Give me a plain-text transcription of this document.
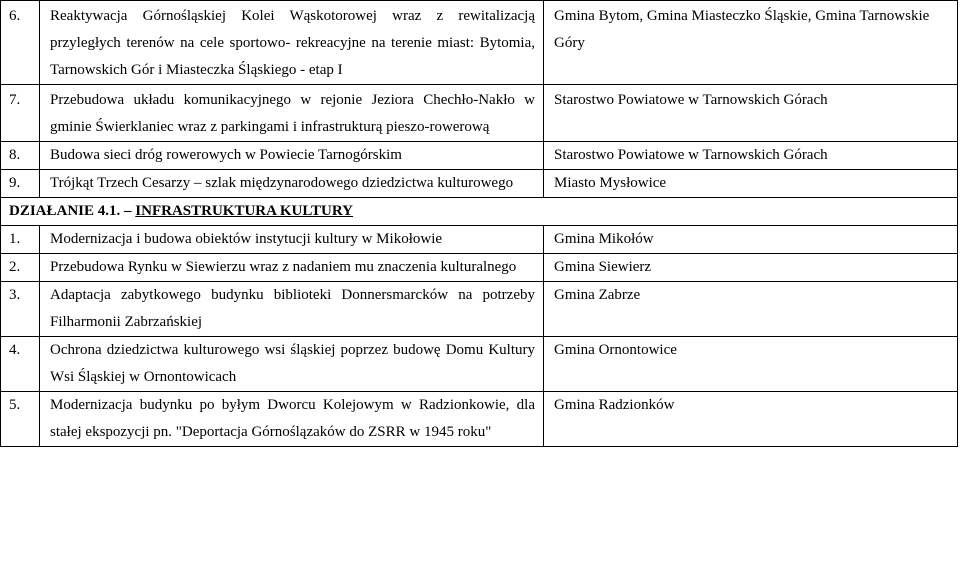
6.	Reaktywacja Górnośląskiej Kolei Wąskotorowej wraz z rewitalizacją przyległych terenów na cele sportowo- rekreacyjne na terenie miast: Bytomia, Tarnowskich Gór i Miasteczka Śląskiego - etap I	Gmina Bytom, Gmina Miasteczko Śląskie, Gmina Tarnowskie Góry
7.	Przebudowa układu komunikacyjnego w rejonie Jeziora Chechło-Nakło w gminie Świerklaniec wraz z parkingami i infrastrukturą pieszo-rowerową	Starostwo Powiatowe w Tarnowskich Górach
8.	Budowa sieci dróg rowerowych w Powiecie Tarnogórskim	Starostwo Powiatowe w Tarnowskich Górach
9.	Trójkąt Trzech Cesarzy – szlak międzynarodowego dziedzictwa kulturowego	Miasto Mysłowice
DZIAŁANIE 4.1. – INFRASTRUKTURA KULTURY		
1.	Modernizacja i budowa obiektów instytucji kultury w Mikołowie	Gmina Mikołów
2.	Przebudowa Rynku w Siewierzu wraz z nadaniem mu znaczenia kulturalnego	Gmina Siewierz
3.	Adaptacja zabytkowego budynku biblioteki Donnersmarcków na potrzeby Filharmonii Zabrzańskiej	Gmina Zabrze
4.	Ochrona dziedzictwa kulturowego wsi śląskiej poprzez budowę Domu Kultury Wsi Śląskiej w Ornontowicach	Gmina Ornontowice
5.	Modernizacja budynku po byłym Dworcu Kolejowym w Radzionkowie, dla stałej ekspozycji pn. "Deportacja Górnoślązaków do ZSRR w 1945 roku"	Gmina Radzionków
